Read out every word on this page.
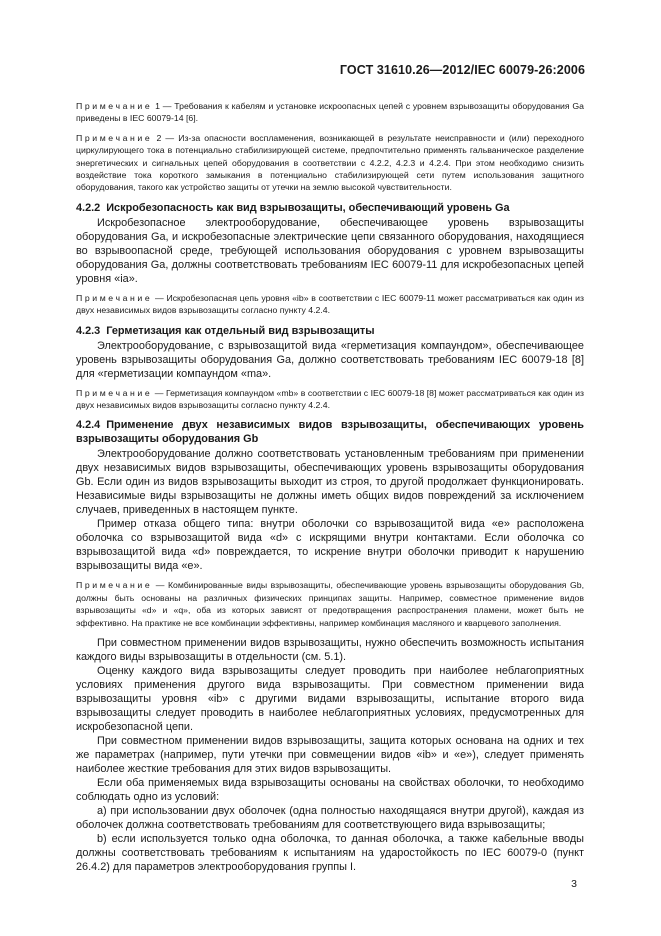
ГОСТ 31610.26—2012/IEC 60079-26:2006

Примечание 1 — Требования к кабелям и установке искроопасных цепей с уровнем взрывозащиты оборудования Ga приведены в IEC 60079-14 [6].

Примечание 2 — Из-за опасности воспламенения, возникающей в результате неисправности и (или) переходного циркулирующего тока в потенциально стабилизирующей системе, предпочтительно применять гальваническое разделение энергетических и сигнальных цепей оборудования в соответствии с 4.2.2, 4.2.3 и 4.2.4. При этом необходимо снизить воздействие тока короткого замыкания в потенциально стабилизирующей сети путем использования защитного оборудования, такого как устройство защиты от утечки на землю высокой чувствительности.

4.2.2 Искробезопасность как вид взрывозащиты, обеспечивающий уровень Ga

Искробезопасное электрооборудование, обеспечивающее уровень взрывозащиты оборудования Ga, и искробезопасные электрические цепи связанного оборудования, находящиеся во взрывоопасной среде, требующей использования оборудования с уровнем взрывозащиты оборудования Ga, должны соответствовать требованиям IEC 60079-11 для искробезопасных цепей уровня «ia».

Примечание — Искробезопасная цепь уровня «ib» в соответствии с IEC 60079-11 может рассматриваться как один из двух независимых видов взрывозащиты согласно пункту 4.2.4.

4.2.3 Герметизация как отдельный вид взрывозащиты

Электрооборудование, с взрывозащитой вида «герметизация компаундом», обеспечивающее уровень взрывозащиты оборудования Ga, должно соответствовать требованиям IEC 60079-18 [8] для «герметизации компаундом «ma».

Примечание — Герметизация компаундом «mb» в соответствии с IEC 60079-18 [8] может рассматриваться как один из двух независимых видов взрывозащиты согласно пункту 4.2.4.

4.2.4 Применение двух независимых видов взрывозащиты, обеспечивающих уровень взрывозащиты оборудования Gb

Электрооборудование должно соответствовать установленным требованиям при применении двух независимых видов взрывозащиты, обеспечивающих уровень взрывозащиты оборудования Gb. Если один из видов взрывозащиты выходит из строя, то другой продолжает функционировать. Независимые виды взрывозащиты не должны иметь общих видов повреждений за исключением случаев, приведенных в настоящем пункте.

Пример отказа общего типа: внутри оболочки со взрывозащитой вида «е» расположена оболочка со взрывозащитой вида «d» с искрящими внутри контактами. Если оболочка со взрывозащитой вида «d» повреждается, то искрение внутри оболочки приводит к нарушению взрывозащиты вида «е».

Примечание — Комбинированные виды взрывозащиты, обеспечивающие уровень взрывозащиты оборудования Gb, должны быть основаны на различных физических принципах защиты. Например, совместное применение видов взрывозащиты «d» и «q», оба из которых зависят от предотвращения распространения пламени, может быть не эффективно. На практике не все комбинации эффективны, например комбинация масляного и кварцевого заполнения.

При совместном применении видов взрывозащиты, нужно обеспечить возможность испытания каждого виды взрывозащиты в отдельности (см. 5.1).

Оценку каждого вида взрывозащиты следует проводить при наиболее неблагоприятных условиях применения другого вида взрывозащиты. При совместном применении вида взрывозащиты уровня «ib» с другими видами взрывозащиты, испытание второго вида взрывозащиты следует проводить в наиболее неблагоприятных условиях, предусмотренных для искробезопасной цепи.

При совместном применении видов взрывозащиты, защита которых основана на одних и тех же параметрах (например, пути утечки при совмещении видов «ib» и «е»), следует применять наиболее жесткие требования для этих видов взрывозащиты.

Если оба применяемых вида взрывозащиты основаны на свойствах оболочки, то необходимо соблюдать одно из условий:

а) при использовании двух оболочек (одна полностью находящаяся внутри другой), каждая из оболочек должна соответствовать требованиям для соответствующего вида взрывозащиты;

b) если используется только одна оболочка, то данная оболочка, а также кабельные вводы должны соответствовать требованиям к испытаниям на ударостойкость по IEC 60079-0 (пункт 26.4.2) для параметров электрооборудования группы I.

3
